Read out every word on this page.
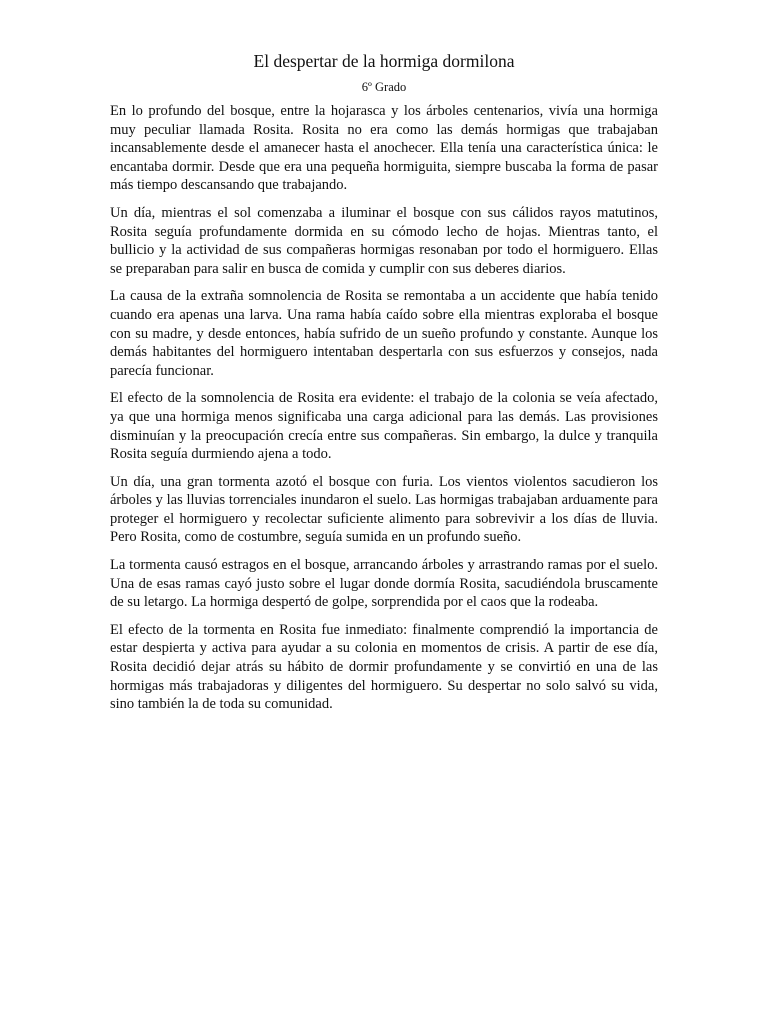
El despertar de la hormiga dormilona
6º Grado

En lo profundo del bosque, entre la hojarasca y los árboles centenarios, vivía una hormiga muy peculiar llamada Rosita. Rosita no era como las demás hormigas que trabajaban incansablemente desde el amanecer hasta el anochecer. Ella tenía una característica única: le encantaba dormir. Desde que era una pequeña hormiguita, siempre buscaba la forma de pasar más tiempo descansando que trabajando.

Un día, mientras el sol comenzaba a iluminar el bosque con sus cálidos rayos matutinos, Rosita seguía profundamente dormida en su cómodo lecho de hojas. Mientras tanto, el bullicio y la actividad de sus compañeras hormigas resonaban por todo el hormiguero. Ellas se preparaban para salir en busca de comida y cumplir con sus deberes diarios.

La causa de la extraña somnolencia de Rosita se remontaba a un accidente que había tenido cuando era apenas una larva. Una rama había caído sobre ella mientras exploraba el bosque con su madre, y desde entonces, había sufrido de un sueño profundo y constante. Aunque los demás habitantes del hormiguero intentaban despertarla con sus esfuerzos y consejos, nada parecía funcionar.

El efecto de la somnolencia de Rosita era evidente: el trabajo de la colonia se veía afectado, ya que una hormiga menos significaba una carga adicional para las demás. Las provisiones disminuían y la preocupación crecía entre sus compañeras. Sin embargo, la dulce y tranquila Rosita seguía durmiendo ajena a todo.

Un día, una gran tormenta azotó el bosque con furia. Los vientos violentos sacudieron los árboles y las lluvias torrenciales inundaron el suelo. Las hormigas trabajaban arduamente para proteger el hormiguero y recolectar suficiente alimento para sobrevivir a los días de lluvia. Pero Rosita, como de costumbre, seguía sumida en un profundo sueño.

La tormenta causó estragos en el bosque, arrancando árboles y arrastrando ramas por el suelo. Una de esas ramas cayó justo sobre el lugar donde dormía Rosita, sacudiéndola bruscamente de su letargo. La hormiga despertó de golpe, sorprendida por el caos que la rodeaba.

El efecto de la tormenta en Rosita fue inmediato: finalmente comprendió la importancia de estar despierta y activa para ayudar a su colonia en momentos de crisis. A partir de ese día, Rosita decidió dejar atrás su hábito de dormir profundamente y se convirtió en una de las hormigas más trabajadoras y diligentes del hormiguero. Su despertar no solo salvó su vida, sino también la de toda su comunidad.
